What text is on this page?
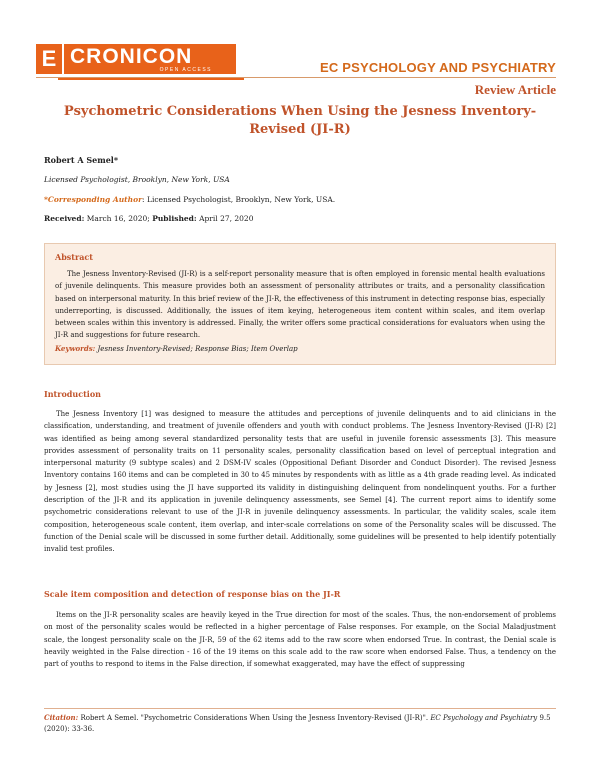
E CRONICON
OPEN ACCESS	EC PSYCHOLOGY AND PSYCHIATRY
Review Article
Psychometric Considerations When Using the Jesness Inventory-Revised (JI-R)
Robert A Semel*
Licensed Psychologist, Brooklyn, New York, USA
*Corresponding Author: Licensed Psychologist, Brooklyn, New York, USA.
Received: March 16, 2020; Published: April 27, 2020
Abstract

The Jesness Inventory-Revised (JI-R) is a self-report personality measure that is often employed in forensic mental health evaluations of juvenile delinquents. This measure provides both an assessment of personality attributes or traits, and a personality classification based on interpersonal maturity. In this brief review of the JI-R, the effectiveness of this instrument in detecting response bias, especially underreporting, is discussed. Additionally, the issues of item keying, heterogeneous item content within scales, and item overlap between scales within this inventory is addressed. Finally, the writer offers some practical considerations for evaluators when using the JI-R and suggestions for future research.

Keywords: Jesness Inventory-Revised; Response Bias; Item Overlap
Introduction

The Jesness Inventory [1] was designed to measure the attitudes and perceptions of juvenile delinquents and to aid clinicians in the classification, understanding, and treatment of juvenile offenders and youth with conduct problems. The Jesness Inventory-Revised (JI-R) [2] was identified as being among several standardized personality tests that are useful in juvenile forensic assessments [3]. This measure provides assessment of personality traits on 11 personality scales, personality classification based on level of perceptual integration and interpersonal maturity (9 subtype scales) and 2 DSM-IV scales (Oppositional Defiant Disorder and Conduct Disorder). The revised Jesness Inventory contains 160 items and can be completed in 30 to 45 minutes by respondents with as little as a 4th grade reading level. As indicated by Jesness [2], most studies using the JI have supported its validity in distinguishing delinquent from nondelinquent youths. For a further description of the JI-R and its application in juvenile delinquency assessments, see Semel [4]. The current report aims to identify some psychometric considerations relevant to use of the JI-R in juvenile delinquency assessments. In particular, the validity scales, scale item composition, heterogeneous scale content, item overlap, and inter-scale correlations on some of the Personality scales will be discussed. The function of the Denial scale will be discussed in some further detail. Additionally, some guidelines will be presented to help identify potentially invalid test profiles.

Scale item composition and detection of response bias on the JI-R

Items on the JI-R personality scales are heavily keyed in the True direction for most of the scales. Thus, the non-endorsement of problems on most of the personality scales would be reflected in a higher percentage of False responses. For example, on the Social Maladjustment scale, the longest personality scale on the JI-R, 59 of the 62 items add to the raw score when endorsed True. In contrast, the Denial scale is heavily weighted in the False direction - 16 of the 19 items on this scale add to the raw score when endorsed False. Thus, a tendency on the part of youths to respond to items in the False direction, if somewhat exaggerated, may have the effect of suppressing

Citation: Robert A Semel. "Psychometric Considerations When Using the Jesness Inventory-Revised (JI-R)". EC Psychology and Psychiatry 9.5 (2020): 33-36.
